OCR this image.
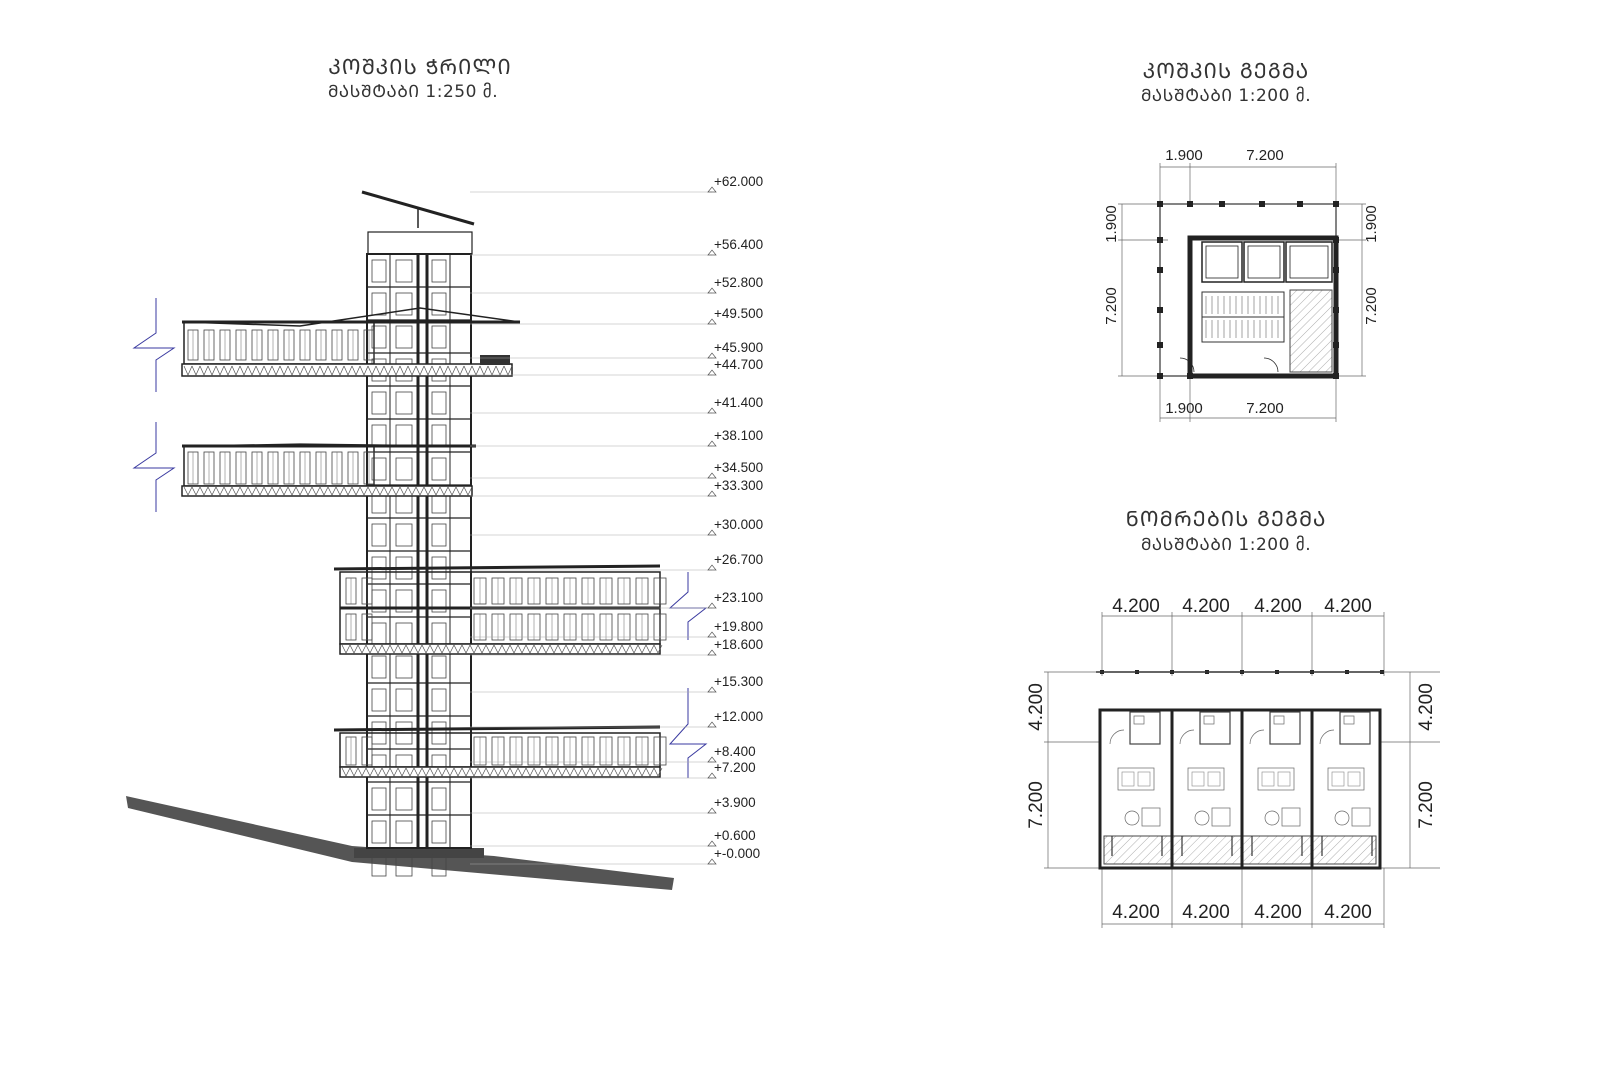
ᲙᲝᲨᲙᲘᲡ ᲭᲠᲘᲚᲘ
ᲛᲐᲡᲨᲢᲐᲑᲘ 1:250 მ.
ᲙᲝᲨᲙᲘᲡ ᲒᲔᲒᲛᲐ
ᲛᲐᲡᲨᲢᲐᲑᲘ 1:200 მ.
ᲜᲝᲛᲠᲔᲑᲘᲡ ᲒᲔᲒᲛᲐ
ᲛᲐᲡᲨᲢᲐᲑᲘ 1:200 მ.
+62.000
+56.400
+52.800
+49.500
+45.900
+44.700
+41.400
+38.100
+34.500
+33.300
+30.000
+26.700
+23.100
+19.800
+18.600
+15.300
+12.000
+8.400
+7.200
+3.900
+0.600
+-0.000
1.900	7.200
1.900	7.200
1.900
7.200
1.900
7.200
4.200 4.200 4.200 4.200
4.200 4.200 4.200 4.200
4.200
7.200
4.200
7.200
